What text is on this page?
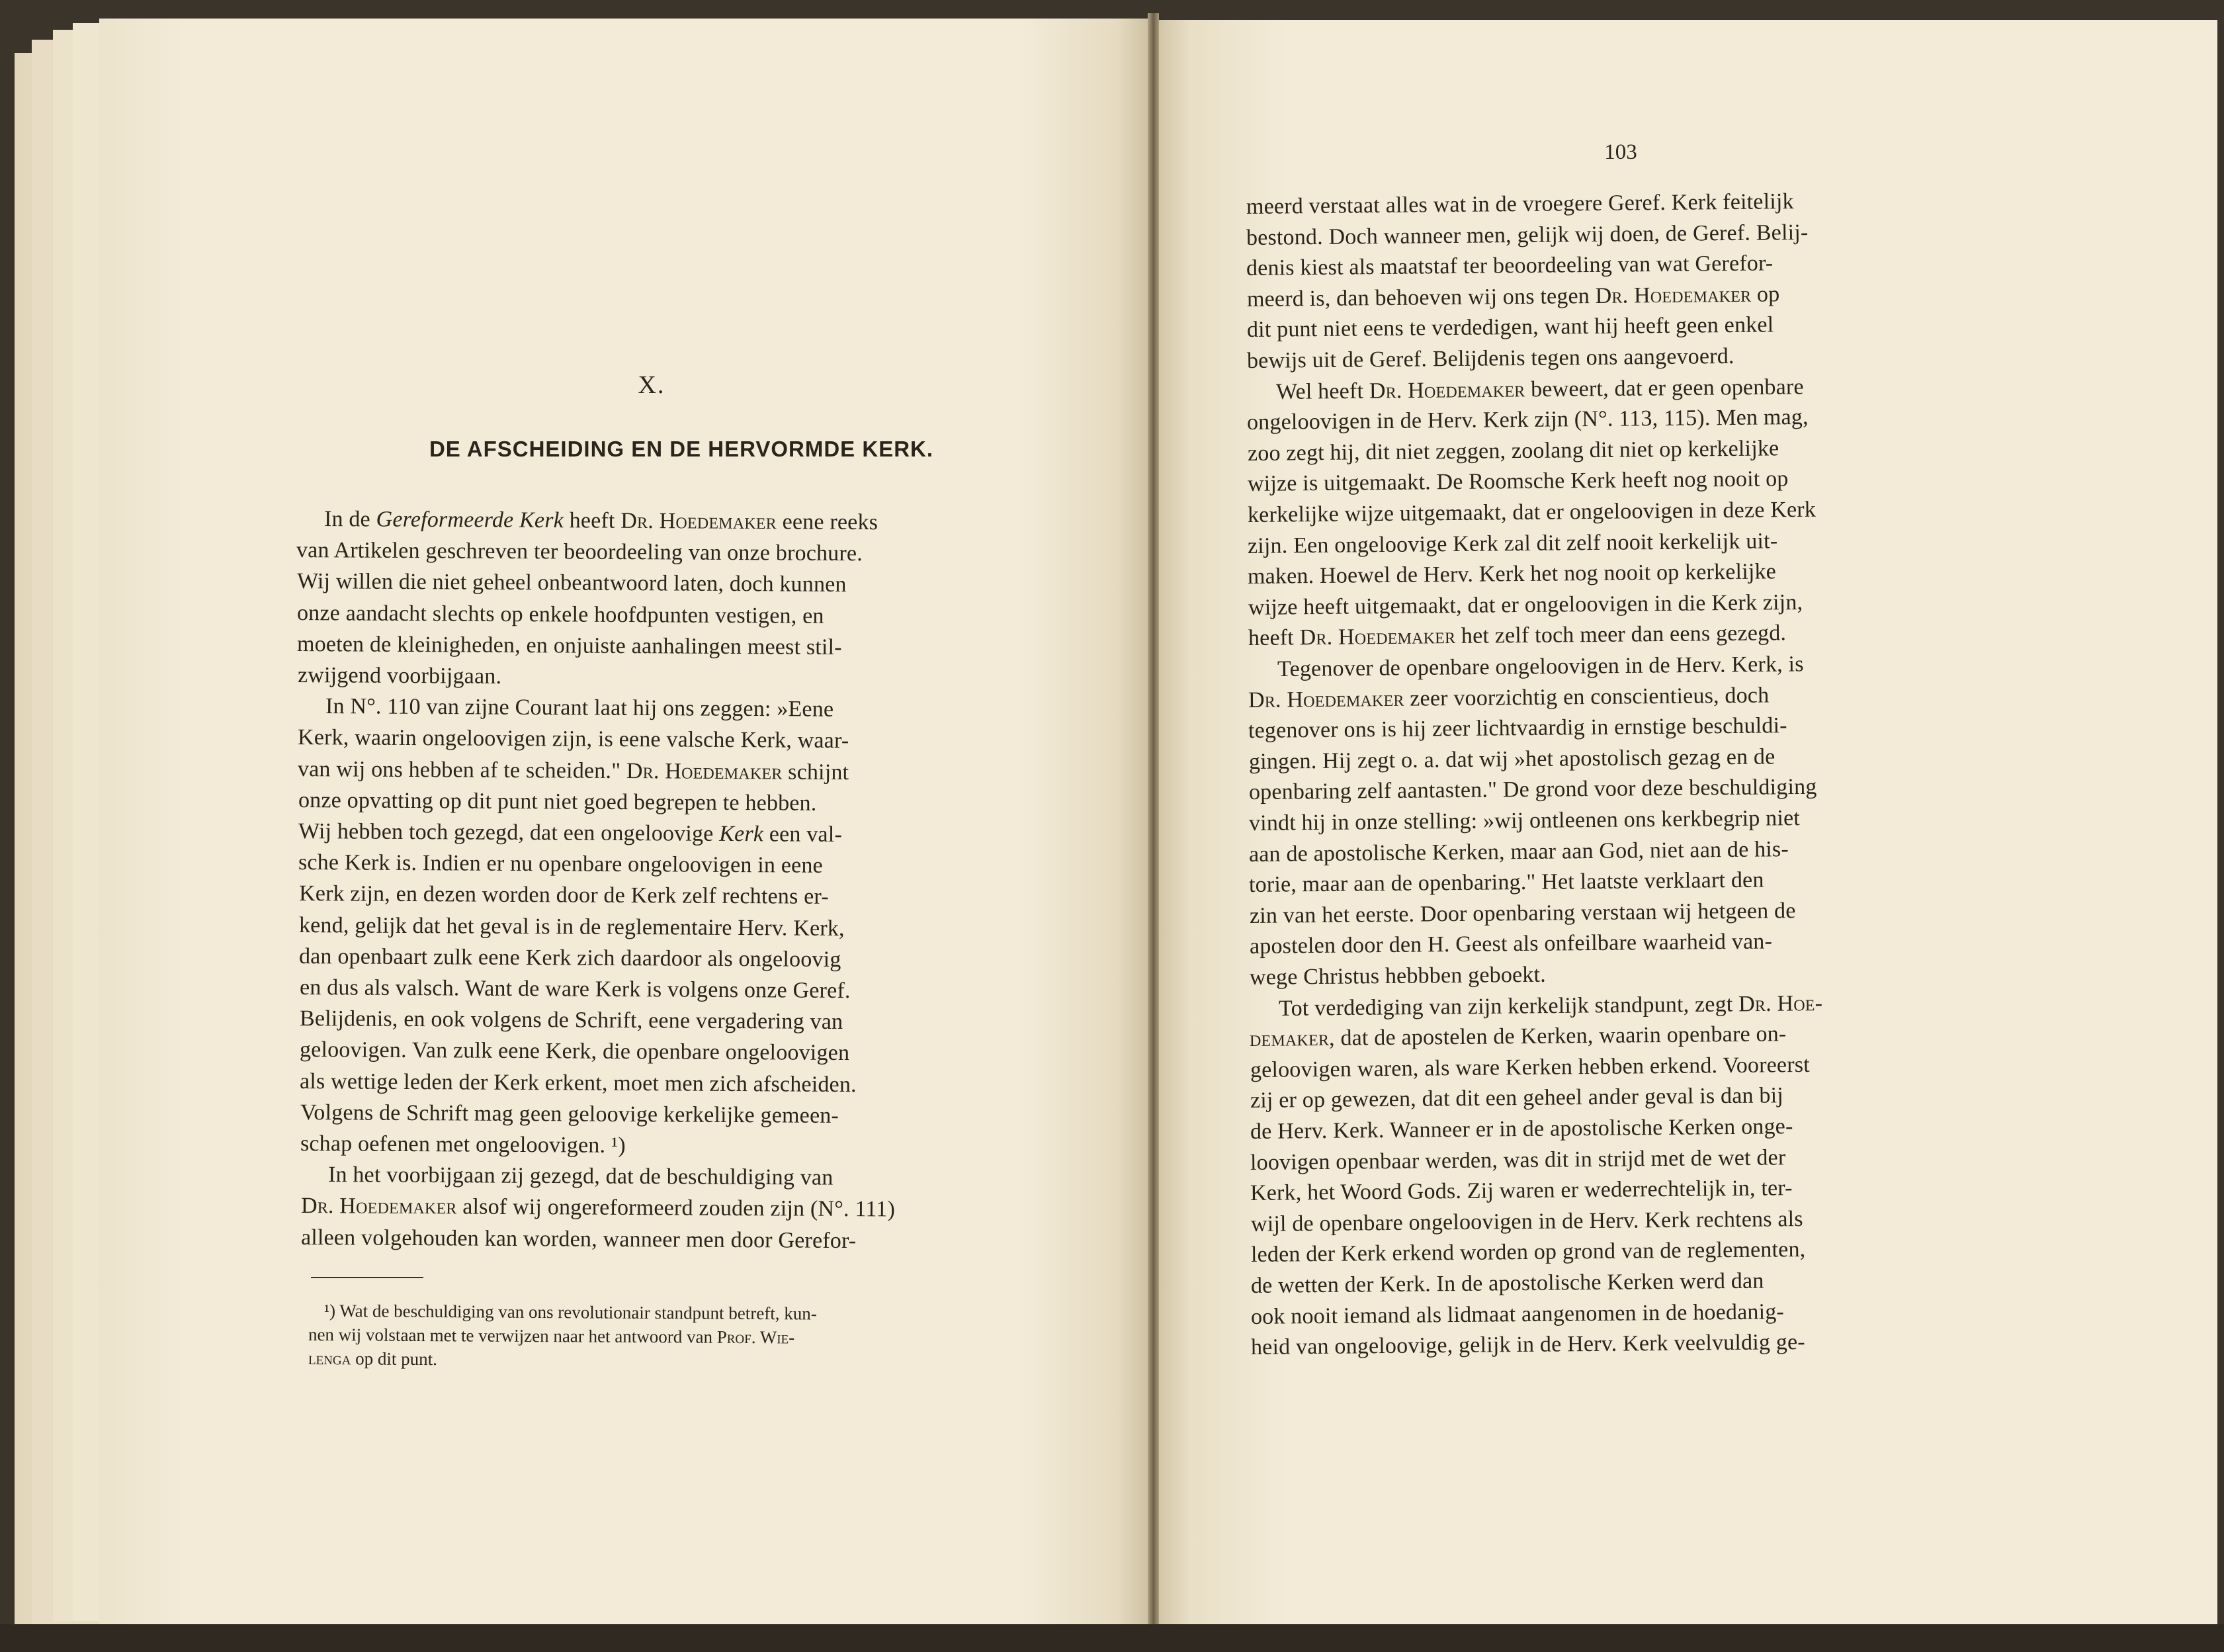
X.
DE AFSCHEIDING EN DE HERVORMDE KERK.
In de Gereformeerde Kerk heeft Dr. Hoedemaker eene reeks
van Artikelen geschreven ter beoordeeling van onze brochure.
Wij willen die niet geheel onbeantwoord laten, doch kunnen
onze aandacht slechts op enkele hoofdpunten vestigen, en
moeten de kleinigheden, en onjuiste aanhalingen meest stil-
zwijgend voorbijgaan.
In N°. 110 van zijne Courant laat hij ons zeggen: »Eene
Kerk, waarin ongeloovigen zijn, is eene valsche Kerk, waar-
van wij ons hebben af te scheiden." Dr. Hoedemaker schijnt
onze opvatting op dit punt niet goed begrepen te hebben.
Wij hebben toch gezegd, dat een ongeloovige Kerk een val-
sche Kerk is. Indien er nu openbare ongeloovigen in eene
Kerk zijn, en dezen worden door de Kerk zelf rechtens er-
kend, gelijk dat het geval is in de reglementaire Herv. Kerk,
dan openbaart zulk eene Kerk zich daardoor als ongeloovig
en dus als valsch. Want de ware Kerk is volgens onze Geref.
Belijdenis, en ook volgens de Schrift, eene vergadering van
geloovigen. Van zulk eene Kerk, die openbare ongeloovigen
als wettige leden der Kerk erkent, moet men zich afscheiden.
Volgens de Schrift mag geen geloovige kerkelijke gemeen-
schap oefenen met ongeloovigen. ¹)
In het voorbijgaan zij gezegd, dat de beschuldiging van
Dr. Hoedemaker alsof wij ongereformeerd zouden zijn (N°. 111)
alleen volgehouden kan worden, wanneer men door Gerefor-
¹) Wat de beschuldiging van ons revolutionair standpunt betreft, kun-
nen wij volstaan met te verwijzen naar het antwoord van Prof. Wie-
lenga op dit punt.
103
meerd verstaat alles wat in de vroegere Geref. Kerk feitelijk
bestond. Doch wanneer men, gelijk wij doen, de Geref. Belij-
denis kiest als maatstaf ter beoordeeling van wat Gerefor-
meerd is, dan behoeven wij ons tegen Dr. Hoedemaker op
dit punt niet eens te verdedigen, want hij heeft geen enkel
bewijs uit de Geref. Belijdenis tegen ons aangevoerd.
Wel heeft Dr. Hoedemaker beweert, dat er geen openbare
ongeloovigen in de Herv. Kerk zijn (N°. 113, 115). Men mag,
zoo zegt hij, dit niet zeggen, zoolang dit niet op kerkelijke
wijze is uitgemaakt. De Roomsche Kerk heeft nog nooit op
kerkelijke wijze uitgemaakt, dat er ongeloovigen in deze Kerk
zijn. Een ongeloovige Kerk zal dit zelf nooit kerkelijk uit-
maken. Hoewel de Herv. Kerk het nog nooit op kerkelijke
wijze heeft uitgemaakt, dat er ongeloovigen in die Kerk zijn,
heeft Dr. Hoedemaker het zelf toch meer dan eens gezegd.
Tegenover de openbare ongeloovigen in de Herv. Kerk, is
Dr. Hoedemaker zeer voorzichtig en conscientieus, doch
tegenover ons is hij zeer lichtvaardig in ernstige beschuldi-
gingen. Hij zegt o. a. dat wij »het apostolisch gezag en de
openbaring zelf aantasten." De grond voor deze beschuldiging
vindt hij in onze stelling: »wij ontleenen ons kerkbegrip niet
aan de apostolische Kerken, maar aan God, niet aan de his-
torie, maar aan de openbaring." Het laatste verklaart den
zin van het eerste. Door openbaring verstaan wij hetgeen de
apostelen door den H. Geest als onfeilbare waarheid van-
wege Christus hebbben geboekt.
Tot verdediging van zijn kerkelijk standpunt, zegt Dr. Hoe-
demaker, dat de apostelen de Kerken, waarin openbare on-
geloovigen waren, als ware Kerken hebben erkend. Vooreerst
zij er op gewezen, dat dit een geheel ander geval is dan bij
de Herv. Kerk. Wanneer er in de apostolische Kerken onge-
loovigen openbaar werden, was dit in strijd met de wet der
Kerk, het Woord Gods. Zij waren er wederrechtelijk in, ter-
wijl de openbare ongeloovigen in de Herv. Kerk rechtens als
leden der Kerk erkend worden op grond van de reglementen,
de wetten der Kerk. In de apostolische Kerken werd dan
ook nooit iemand als lidmaat aangenomen in de hoedanig-
heid van ongeloovige, gelijk in de Herv. Kerk veelvuldig ge-
